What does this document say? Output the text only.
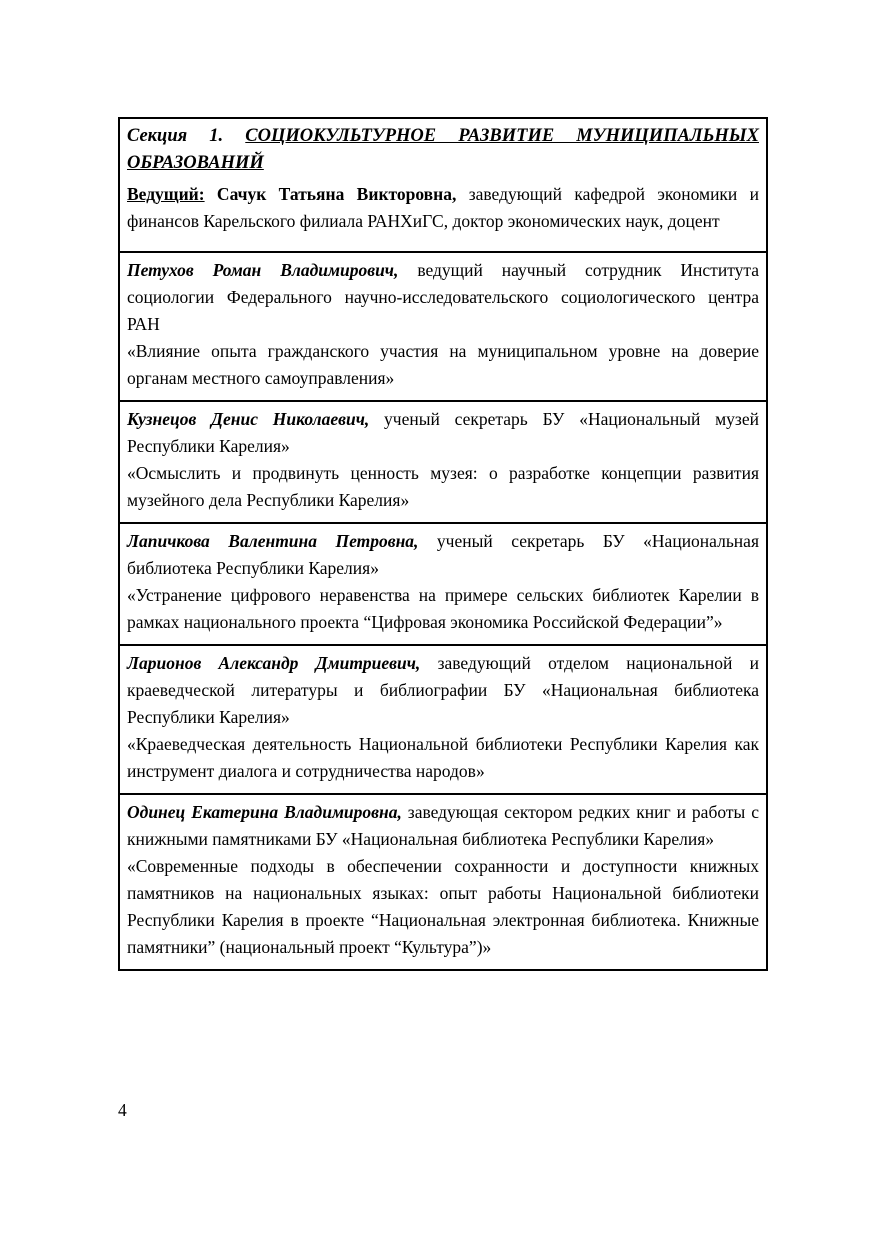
Секция 1. СОЦИОКУЛЬТУРНОЕ РАЗВИТИЕ МУНИЦИПАЛЬНЫХ ОБРАЗОВАНИЙ

Ведущий: Сачук Татьяна Викторовна, заведующий кафедрой экономики и финансов Карельского филиала РАНХиГС, доктор экономических наук, доцент

Петухов Роман Владимирович, ведущий научный сотрудник Института социологии Федерального научно-исследовательского социологического центра РАН

«Влияние опыта гражданского участия на муниципальном уровне на доверие органам местного самоуправления»

Кузнецов Денис Николаевич, ученый секретарь БУ «Национальный музей Республики Карелия»

«Осмыслить и продвинуть ценность музея: о разработке концепции развития музейного дела Республики Карелия»

Лапичкова Валентина Петровна, ученый секретарь БУ «Национальная библиотека Республики Карелия»

«Устранение цифрового неравенства на примере сельских библиотек Карелии в рамках национального проекта “Цифровая экономика Российской Федерации”»

Ларионов Александр Дмитриевич, заведующий отделом национальной и краеведческой литературы и библиографии БУ «Национальная библиотека Республики Карелия»

«Краеведческая деятельность Национальной библиотеки Республики Карелия как инструмент диалога и сотрудничества народов»

Одинец Екатерина Владимировна, заведующая сектором редких книг и работы с книжными памятниками БУ «Национальная библиотека Республики Карелия»

«Современные подходы в обеспечении сохранности и доступности книжных памятников на национальных языках: опыт работы Национальной библиотеки Республики Карелия в проекте “Национальная электронная библиотека. Книжные памятники” (национальный проект “Культура”)»

4
